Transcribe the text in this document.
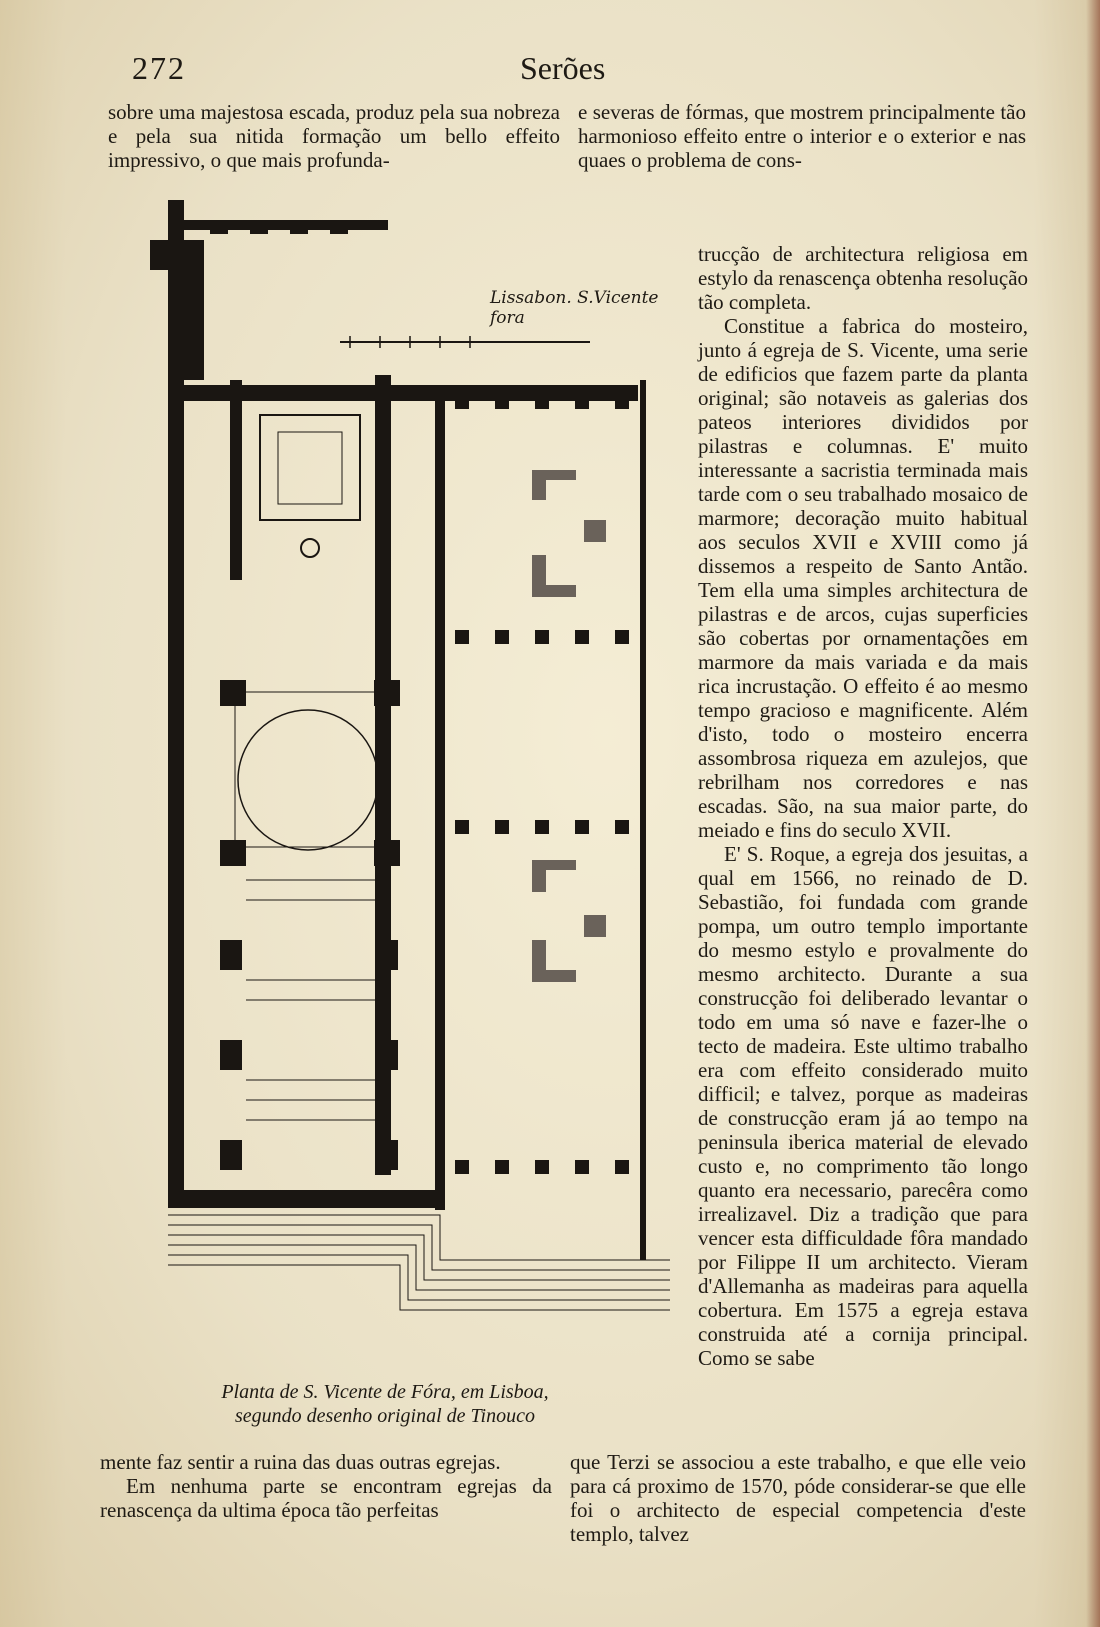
272	Serões

sobre uma majestosa escada, produz pela sua nobreza e pela sua nitida formação um bello effeito impressivo, o que mais profunda-

e severas de fórmas, que mostrem principalmente tão harmonioso effeito entre o interior e o exterior e nas quaes o problema de cons-

trucção de architectura religiosa em estylo da renascença obtenha resolução tão completa.

Constitue a fabrica do mosteiro, junto á egreja de S. Vicente, uma serie de edificios que fazem parte da planta original; são notaveis as galerias dos pateos interiores divididos por pilastras e columnas. E' muito interessante a sacristia terminada mais tarde com o seu trabalhado mosaico de marmore; decoração muito habitual aos seculos XVII e XVIII como já dissemos a respeito de Santo Antão. Tem ella uma simples architectura de pilastras e de arcos, cujas superficies são cobertas por ornamentações em marmore da mais variada e da mais rica incrustação. O effeito é ao mesmo tempo gracioso e magnificente. Além d'isto, todo o mosteiro encerra assombrosa riqueza em azulejos, que rebrilham nos corredores e nas escadas. São, na sua maior parte, do meiado e fins do seculo XVII.

E' S. Roque, a egreja dos jesuitas, a qual em 1566, no reinado de D. Sebastião, foi fundada com grande pompa, um outro templo importante do mesmo estylo e provalmente do mesmo architecto. Durante a sua construcção foi deliberado levantar o todo em uma só nave e fazer-lhe o tecto de madeira. Este ultimo trabalho era com effeito considerado muito difficil; e talvez, porque as madeiras de construcção eram já ao tempo na peninsula iberica material de elevado custo e, no comprimento tão longo quanto era necessario, parecêra como irrealizavel. Diz a tradição que para vencer esta difficuldade fôra mandado por Filippe II um architecto. Vieram d'Allemanha as madeiras para aquella cobertura. Em 1575 a egreja estava construida até a cornija principal. Como se sabe

Lissabon. S.Vicente fora
Planta de S. Vicente de Fóra, em Lisboa,
segundo desenho original de Tinouco

mente faz sentir a ruina das duas outras egrejas.

Em nenhuma parte se encontram egrejas da renascença da ultima época tão perfeitas

que Terzi se associou a este trabalho, e que elle veio para cá proximo de 1570, póde considerar-se que elle foi o architecto de especial competencia d'este templo, talvez
